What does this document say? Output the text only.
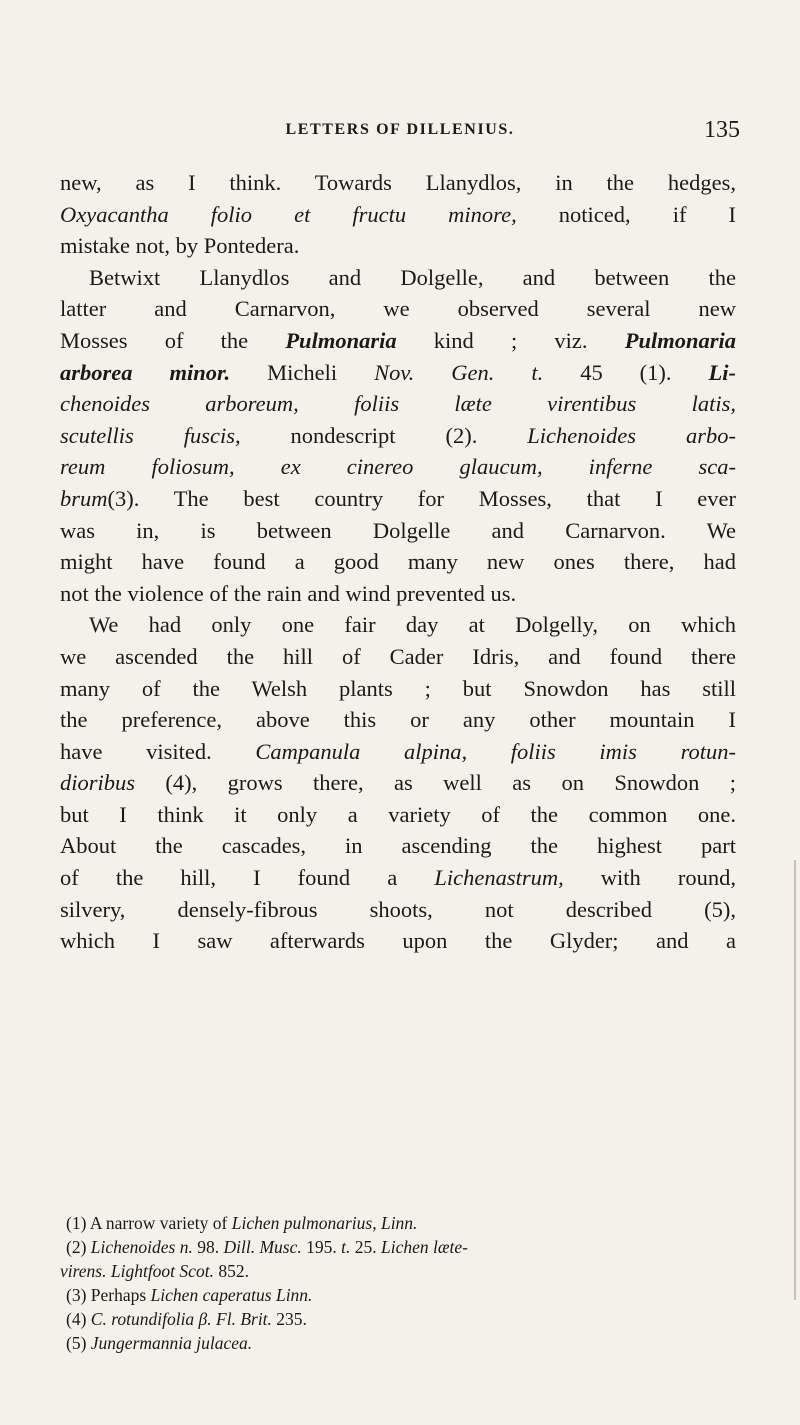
LETTERS OF DILLENIUS.	135
new, as I think. Towards Llanydlos, in the hedges,
Oxyacantha folio et fructu minore, noticed, if I
mistake not, by Pontedera.
Betwixt Llanydlos and Dolgelle, and between the
latter and Carnarvon, we observed several new
Mosses of the Pulmonaria kind ; viz. Pulmonaria
arborea minor. Micheli Nov. Gen. t. 45 (1). Li-
chenoides arboreum, foliis læte virentibus latis,
scutellis fuscis, nondescript (2). Lichenoides arbo-
reum foliosum, ex cinereo glaucum, inferne sca-
brum(3). The best country for Mosses, that I ever
was in, is between Dolgelle and Carnarvon. We
might have found a good many new ones there, had
not the violence of the rain and wind prevented us.
We had only one fair day at Dolgelly, on which
we ascended the hill of Cader Idris, and found there
many of the Welsh plants ; but Snowdon has still
the preference, above this or any other mountain I
have visited. Campanula alpina, foliis imis rotun-
dioribus (4), grows there, as well as on Snowdon ;
but I think it only a variety of the common one.
About the cascades, in ascending the highest part
of the hill, I found a Lichenastrum, with round,
silvery, densely-fibrous shoots, not described (5),
which I saw afterwards upon the Glyder; and a
(1) A narrow variety of Lichen pulmonarius, Linn.
(2) Lichenoides n. 98. Dill. Musc. 195. t. 25. Lichen læte-
virens. Lightfoot Scot. 852.
(3) Perhaps Lichen caperatus Linn.
(4) C. rotundifolia β. Fl. Brit. 235.
(5) Jungermannia julacea.
